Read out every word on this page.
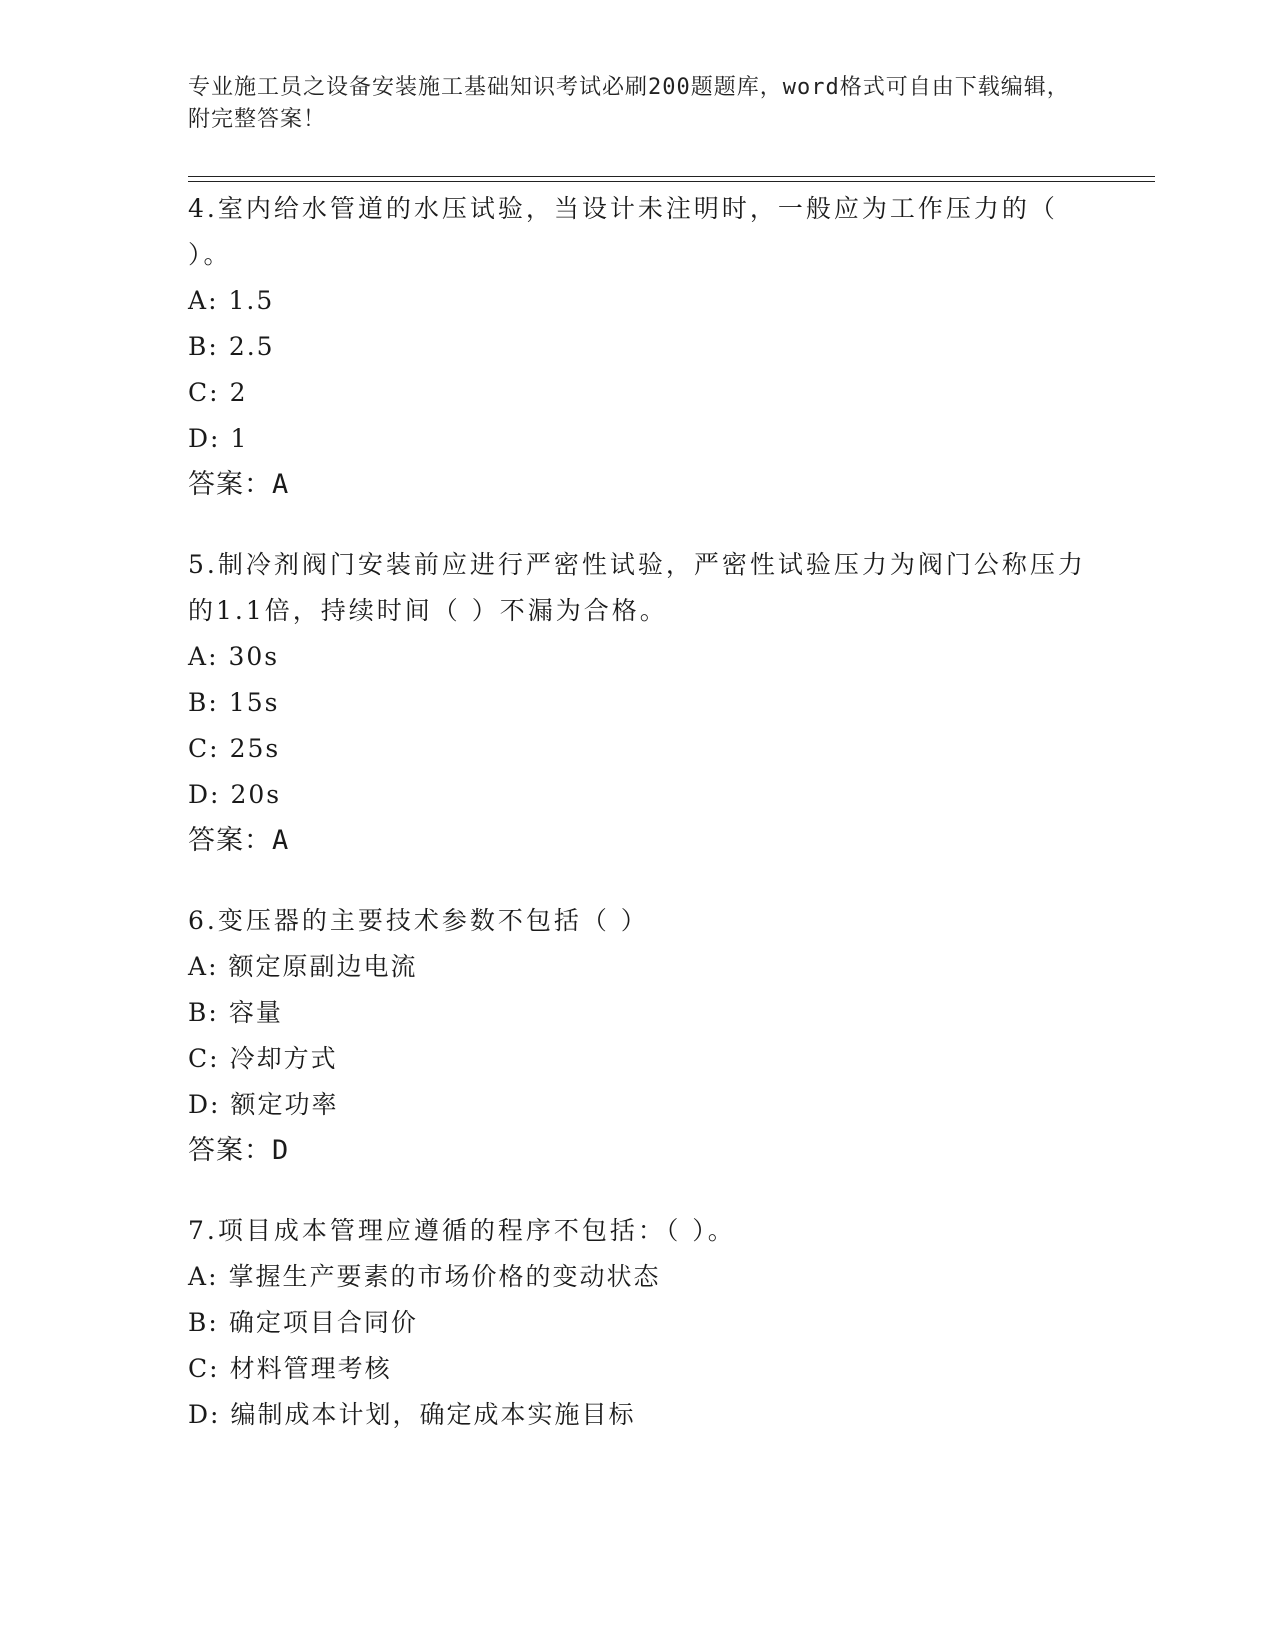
专业施工员之设备安装施工基础知识考试必刷200题题库，word格式可自由下载编辑，附完整答案！

4.室内给水管道的水压试验，当设计未注明时，一般应为工作压力的（ ）。

A: 1.5

B: 2.5

C: 2

D: 1

答案：A

5.制冷剂阀门安装前应进行严密性试验，严密性试验压力为阀门公称压力的1.1倍，持续时间（ ）不漏为合格。

A: 30s

B: 15s

C: 25s

D: 20s

答案：A

6.变压器的主要技术参数不包括（ ）

A: 额定原副边电流

B: 容量

C: 冷却方式

D: 额定功率

答案：D

7.项目成本管理应遵循的程序不包括：（ ）。

A: 掌握生产要素的市场价格的变动状态

B: 确定项目合同价

C: 材料管理考核

D: 编制成本计划，确定成本实施目标
